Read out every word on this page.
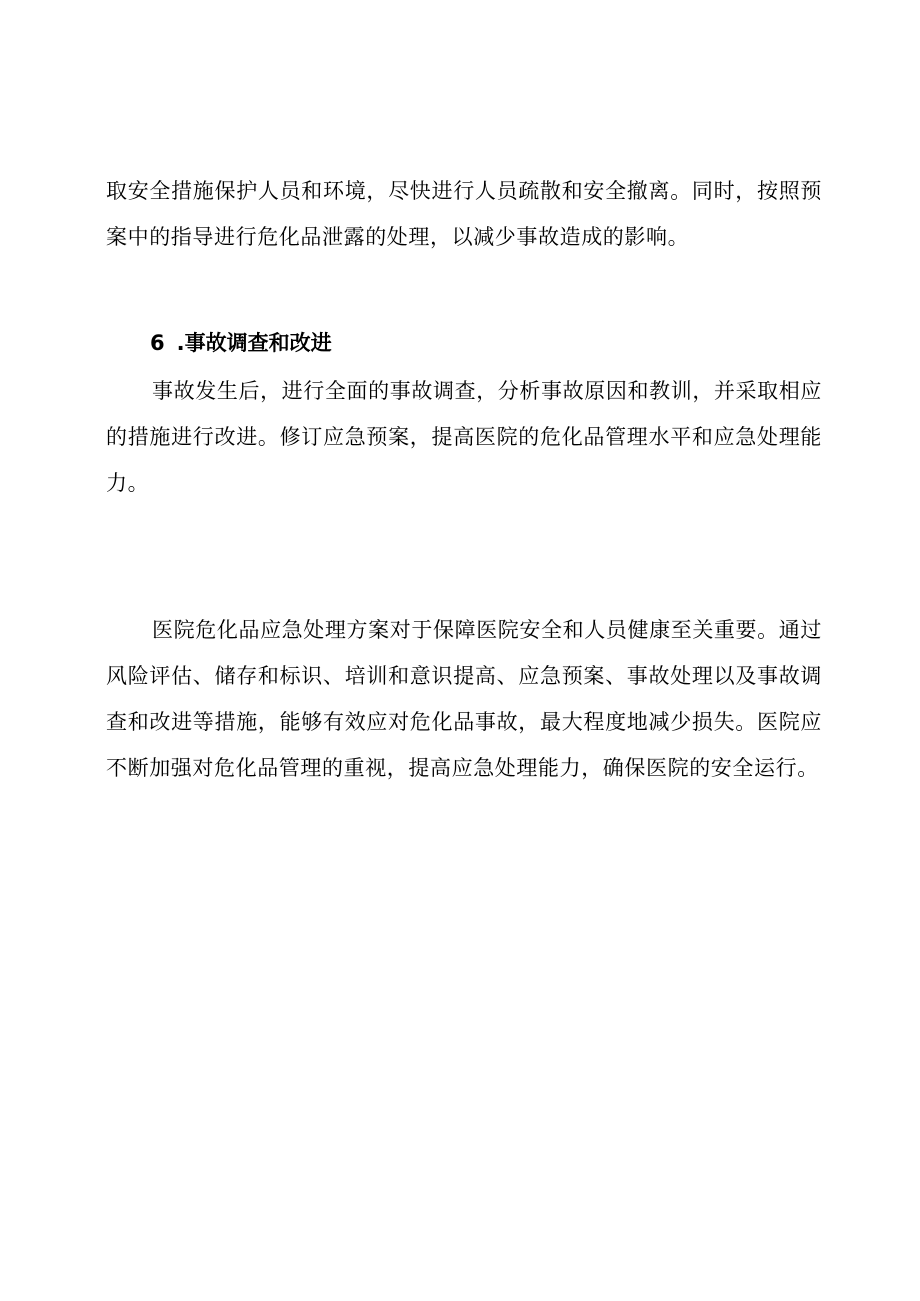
取安全措施保护人员和环境，尽快进行人员疏散和安全撤离。同时，按照预案中的指导进行危化品泄露的处理，以减少事故造成的影响。

6 .事故调查和改进

事故发生后，进行全面的事故调查，分析事故原因和教训，并采取相应的措施进行改进。修订应急预案，提高医院的危化品管理水平和应急处理能力。

医院危化品应急处理方案对于保障医院安全和人员健康至关重要。通过风险评估、储存和标识、培训和意识提高、应急预案、事故处理以及事故调查和改进等措施，能够有效应对危化品事故，最大程度地减少损失。医院应不断加强对危化品管理的重视，提高应急处理能力，确保医院的安全运行。
